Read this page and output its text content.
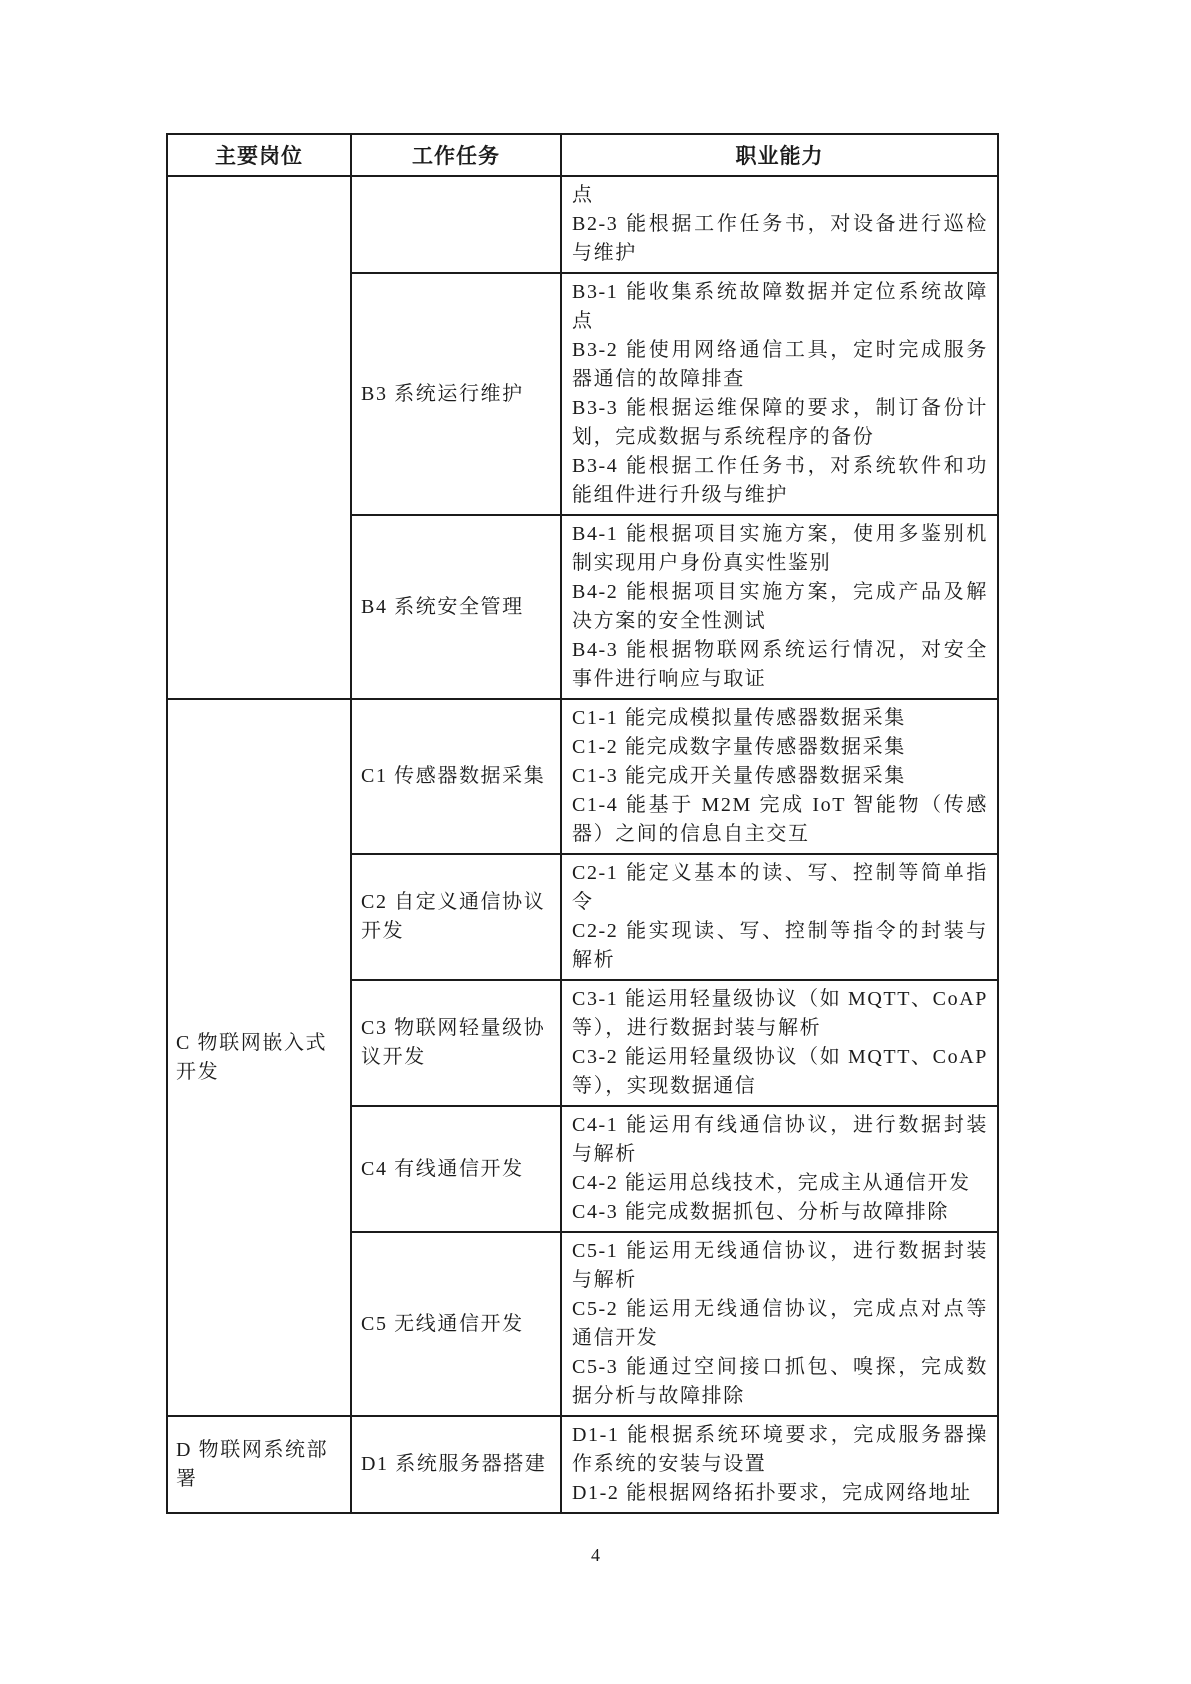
主要岗位	工作任务	职业能力

		点
B2-3 能根据工作任务书，对设备进行巡检与维护

	B3 系统运行维护	B3-1 能收集系统故障数据并定位系统故障点
B3-2 能使用网络通信工具，定时完成服务器通信的故障排查
B3-3 能根据运维保障的要求，制订备份计划，完成数据与系统程序的备份
B3-4 能根据工作任务书，对系统软件和功能组件进行升级与维护

	B4 系统安全管理	B4-1 能根据项目实施方案，使用多鉴别机制实现用户身份真实性鉴别
B4-2 能根据项目实施方案，完成产品及解决方案的安全性测试
B4-3 能根据物联网系统运行情况，对安全事件进行响应与取证

C 物联网嵌入式开发	C1 传感器数据采集	C1-1 能完成模拟量传感器数据采集
C1-2 能完成数字量传感器数据采集
C1-3 能完成开关量传感器数据采集
C1-4 能基于 M2M 完成 IoT 智能物（传感器）之间的信息自主交互

	C2 自定义通信协议开发	C2-1 能定义基本的读、写、控制等简单指令
C2-2 能实现读、写、控制等指令的封装与解析

	C3 物联网轻量级协议开发	C3-1 能运用轻量级协议（如 MQTT、CoAP 等），进行数据封装与解析
C3-2 能运用轻量级协议（如 MQTT、CoAP 等），实现数据通信

	C4 有线通信开发	C4-1 能运用有线通信协议，进行数据封装与解析
C4-2 能运用总线技术，完成主从通信开发
C4-3 能完成数据抓包、分析与故障排除

	C5 无线通信开发	C5-1 能运用无线通信协议，进行数据封装与解析
C5-2 能运用无线通信协议，完成点对点等通信开发
C5-3 能通过空间接口抓包、嗅探，完成数据分析与故障排除

D 物联网系统部署	D1 系统服务器搭建	D1-1 能根据系统环境要求，完成服务器操作系统的安装与设置
D1-2 能根据网络拓扑要求，完成网络地址
4
